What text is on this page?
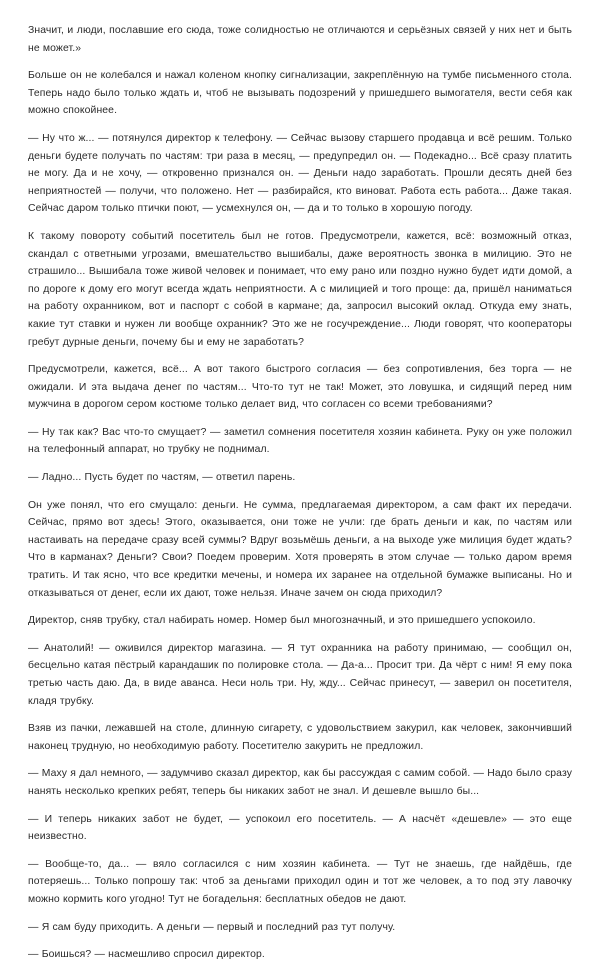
Значит, и люди, пославшие его сюда, тоже солидностью не отличаются и серьёзных связей у них нет и быть не может.»

Больше он не колебался и нажал коленом кнопку сигнализации, закреплённую на тумбе письменного стола. Теперь надо было только ждать и, чтоб не вызывать подозрений у пришедшего вымогателя, вести себя как можно спокойнее.

— Ну что ж... — потянулся директор к телефону. — Сейчас вызову старшего продавца и всё решим. Только деньги будете получать по частям: три раза в месяц, — предупредил он. — Подекадно... Всё сразу платить не могу. Да и не хочу, — откровенно признался он. — Деньги надо заработать. Прошли десять дней без неприятностей — получи, что положено. Нет — разбирайся, кто виноват. Работа есть работа... Даже такая. Сейчас даром только птички поют, — усмехнулся он, — да и то только в хорошую погоду.

К такому повороту событий посетитель был не готов. Предусмотрели, кажется, всё: возможный отказ, скандал с ответными угрозами, вмешательство вышибалы, даже вероятность звонка в милицию. Это не страшило... Вышибала тоже живой человек и понимает, что ему рано или поздно нужно будет идти домой, а по дороге к дому его могут всегда ждать неприятности. А с милицией и того проще: да, пришёл наниматься на работу охранником, вот и паспорт с собой в кармане; да, запросил высокий оклад. Откуда ему знать, какие тут ставки и нужен ли вообще охранник? Это же не госучреждение... Люди говорят, что кооператоры гребут дурные деньги, почему бы и ему не заработать?

Предусмотрели, кажется, всё... А вот такого быстрого согласия — без сопротивления, без торга — не ожидали. И эта выдача денег по частям... Что-то тут не так! Может, это ловушка, и сидящий перед ним мужчина в дорогом сером костюме только делает вид, что согласен со всеми требованиями?

— Ну так как? Вас что-то смущает? — заметил сомнения посетителя хозяин кабинета. Руку он уже положил на телефонный аппарат, но трубку не поднимал.

— Ладно... Пусть будет по частям, — ответил парень.

Он уже понял, что его смущало: деньги. Не сумма, предлагаемая директором, а сам факт их передачи. Сейчас, прямо вот здесь! Этого, оказывается, они тоже не учли: где брать деньги и как, по частям или настаивать на передаче сразу всей суммы? Вдруг возьмёшь деньги, а на выходе уже милиция будет ждать? Что в карманах? Деньги? Свои? Поедем проверим. Хотя проверять в этом случае — только даром время тратить. И так ясно, что все кредитки мечены, и номера их заранее на отдельной бумажке выписаны. Но и отказываться от денег, если их дают, тоже нельзя. Иначе зачем он сюда приходил?

Директор, сняв трубку, стал набирать номер. Номер был многозначный, и это пришедшего успокоило.

— Анатолий! — оживился директор магазина. — Я тут охранника на работу принимаю, — сообщил он, бесцельно катая пёстрый карандашик по полировке стола. — Да-а... Просит три. Да чёрт с ним! Я ему пока третью часть даю. Да, в виде аванса. Неси ноль три. Ну, жду... Сейчас принесут, — заверил он посетителя, кладя трубку.

Взяв из пачки, лежавшей на столе, длинную сигарету, с удовольствием закурил, как человек, закончивший наконец трудную, но необходимую работу. Посетителю закурить не предложил.

— Маху я дал немного, — задумчиво сказал директор, как бы рассуждая с самим собой. — Надо было сразу нанять несколько крепких ребят, теперь бы никаких забот не знал. И дешевле вышло бы...

— И теперь никаких забот не будет, — успокоил его посетитель. — А насчёт «дешевле» — это еще неизвестно.

— Вообще-то, да... — вяло согласился с ним хозяин кабинета. — Тут не знаешь, где найдёшь, где потеряешь... Только попрошу так: чтоб за деньгами приходил один и тот же человек, а то под эту лавочку можно кормить кого угодно! Тут не богадельня: бесплатных обедов не дают.

— Я сам буду приходить. А деньги — первый и последний раз тут получу.

— Боишься? — насмешливо спросил директор.
